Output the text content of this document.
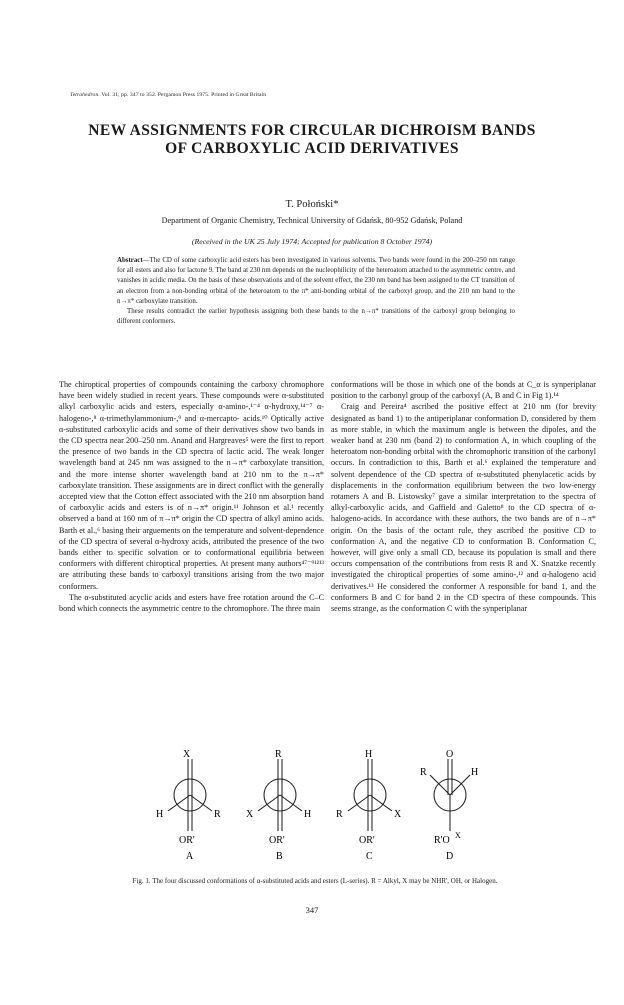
Tetrahedron. Vol. 31, pp. 347 to 352. Pergamon Press 1975. Printed in Great Britain
NEW ASSIGNMENTS FOR CIRCULAR DICHROISM BANDS
OF CARBOXYLIC ACID DERIVATIVES
T. Połoński*
Department of Organic Chemistry, Technical University of Gdańsk, 80-952 Gdańsk, Poland
(Received in the UK 25 July 1974; Accepted for publication 8 October 1974)

Abstract—The CD of some carboxylic acid esters has been investigated in various solvents. Two bands were found in the 200–250 nm range for all esters and also for lactone 9. The band at 230 nm depends on the nucleophilicity of the heteroatom attached to the asymmetric centre, and vanishes in acidic media. On the basis of these observations and of the solvent effect, the 230 nm band has been assigned to the CT transition of an electron from a non-bonding orbital of the heteroatom to the π* anti-bonding orbital of the carboxyl group, and the 210 nm band to the n→π* carboxylate transition.

These results contradict the earlier hypothesis assigning both these bands to the n→π* transitions of the carboxyl group belonging to different conformers.

The chiroptical properties of compounds containing the carboxy chromophore have been widely studied in recent years. These compounds were α-substituted alkyl carboxylic acids and esters, especially α-amino-,¹⁻⁴ α-hydroxy,¹⁴⁻⁷ α-halogeno-,⁸ α-trimethylammonium-,⁹ and α-mercapto- acids.¹⁰ Optically active α-substituted carboxylic acids and some of their derivatives show two bands in the CD spectra near 200–250 nm. Anand and Hargreaves⁵ were the first to report the presence of two bands in the CD spectra of lactic acid. The weak longer wavelength band at 245 nm was assigned to the n→π* carboxylate transition, and the more intense shorter wavelength band at 210 nm to the π→π* carboxylate transition. These assignments are in direct conflict with the generally accepted view that the Cotton effect associated with the 210 nm absorption band of carboxylic acids and esters is of n→π* origin.¹¹ Johnson et al.¹ recently observed a band at 160 nm of π→π* origin the CD spectra of alkyl amino acids. Barth et al.,⁶ basing their arguements on the temperature and solvent-dependence of the CD spectra of several α-hydroxy acids, attributed the presence of the two bands either to specific solvation or to conformational equilibria between conformers with different chiroptical properties. At present many authors⁴⁷⁻⁹¹²¹³ are attributing these bands to carboxyl transitions arising from the two major conformers.

The α-substituted acyclic acids and esters have free rotation around the C–C bond which connects the asymmetric centre to the chromophore. The three main

conformations will be those in which one of the bonds at C_α is synperiplanar position to the carbonyl group of the carboxyl (A, B and C in Fig 1).¹⁴

Craig and Pereira⁴ ascribed the positive effect at 210 nm (for brevity designated as band 1) to the antiperiplanar conformation D, considered by them as more stable, in which the maximum angle is between the dipoles, and the weaker band at 230 nm (band 2) to conformation A, in which coupling of the heteroatom non-bonding orbital with the chromophoric transition of the carbonyl occurs. In contradiction to this, Barth et al.⁶ explained the temperature and solvent dependence of the CD spectra of α-substituted phenylacetic acids by displacements in the conformation equilibrium between the two low-energy rotamers A and B. Listowsky⁷ gave a similar interpretation to the spectra of alkyl-carboxylic acids, and Gaffield and Galetto⁸ to the CD spectra of α-halogeno-acids. In accordance with these authors, the two bands are of n→π* origin. On the basis of the octant rule, they ascribed the positive CD to conformation A, and the negative CD to conformation B. Conformation C, however, will give only a small CD, because its population is small and there occurs compensation of the contributions from rests R and X. Snatzke recently investigated the chiroptical properties of some amino-,¹² and α-halogeno acid derivatives.¹³ He considered the conformer A responsible for band 1, and the conformers B and C for band 2 in the CD spectra of these compounds. This seems strange, as the conformation C with the synperiplanar

X
H	R
OR'
A
R
X	H
OR'
B
H
R	X
OR'
C
O
R	H
R'O X
D
Fig. 1. The four discussed conformations of α-substituted acids and esters (L-series). R = Alkyl, X may be NHR', OH, or Halogen.
347
